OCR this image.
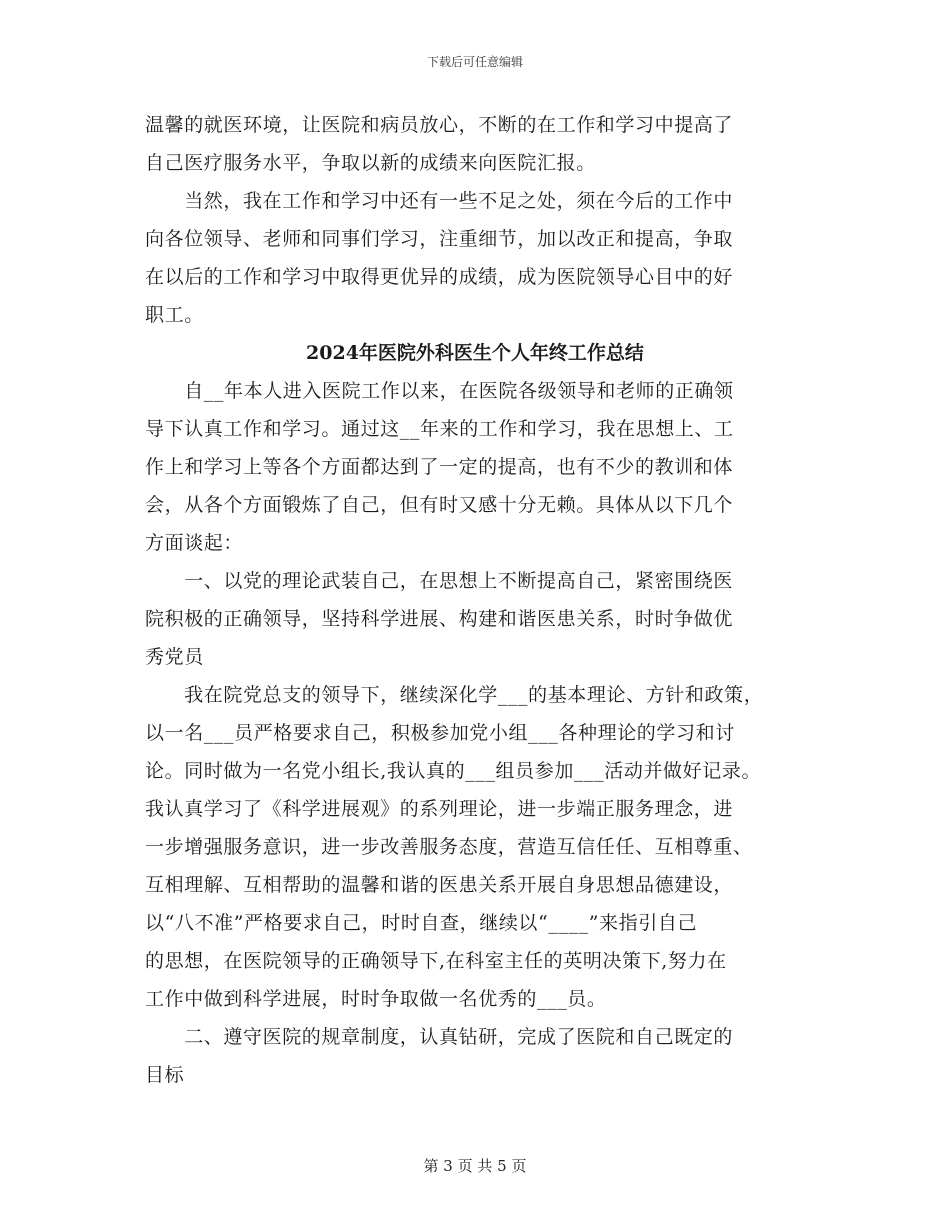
下载后可任意编辑
温馨的就医环境，让医院和病员放心，不断的在工作和学习中提高了
自己医疗服务水平，争取以新的成绩来向医院汇报。
　　当然，我在工作和学习中还有一些不足之处，须在今后的工作中
向各位领导、老师和同事们学习，注重细节，加以改正和提高，争取
在以后的工作和学习中取得更优异的成绩，成为医院领导心目中的好
职工。
2024年医院外科医生个人年终工作总结
　　自__年本人进入医院工作以来，在医院各级领导和老师的正确领
导下认真工作和学习。通过这__年来的工作和学习，我在思想上、工
作上和学习上等各个方面都达到了一定的提高，也有不少的教训和体
会，从各个方面锻炼了自己，但有时又感十分无赖。具体从以下几个
方面谈起：
　　一、以党的理论武装自己，在思想上不断提高自己，紧密围绕医
院积极的正确领导，坚持科学进展、构建和谐医患关系，时时争做优
秀党员
　　我在院党总支的领导下，继续深化学___的基本理论、方针和政策，
以一名___员严格要求自己，积极参加党小组___各种理论的学习和讨
论。同时做为一名党小组长,我认真的___组员参加___活动并做好记录。
我认真学习了《科学进展观》的系列理论，进一步端正服务理念，进
一步增强服务意识，进一步改善服务态度，营造互信任任、互相尊重、
互相理解、互相帮助的温馨和谐的医患关系开展自身思想品德建设，
以“八不准”严格要求自己，时时自查，继续以“____”来指引自己
的思想，在医院领导的正确领导下,在科室主任的英明决策下,努力在
工作中做到科学进展，时时争取做一名优秀的___员。
　　二、遵守医院的规章制度，认真钻研，完成了医院和自己既定的
目标
第 3 页 共 5 页
